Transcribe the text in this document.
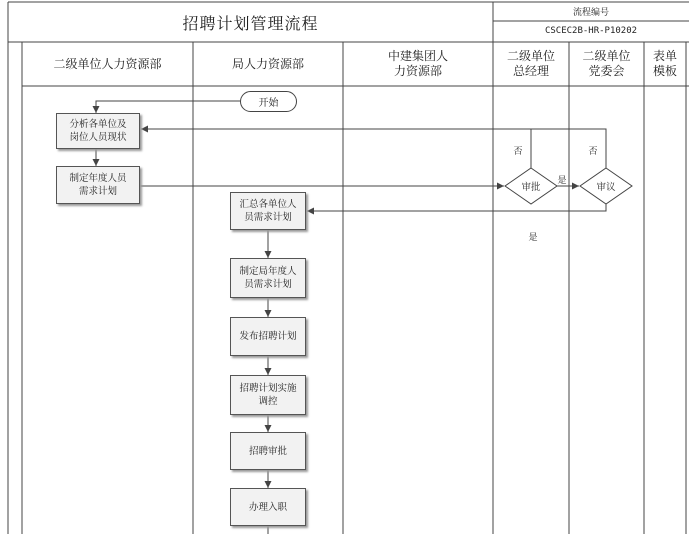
招聘计划管理流程
流程编号
CSCEC2B-HR-P10202
二级单位人力资源部	局人力资源部
中建集团人
力资源部
二级单位
总经理
二级单位
党委会
表单
模板
开始
分析各单位及
岗位人员现状
制定年度人员
需求计划
汇总各单位人
员需求计划
制定局年度人
员需求计划
发布招聘计划
招聘计划实施
调控
招聘审批
办理入职
审批	审议
否	否
是
是
